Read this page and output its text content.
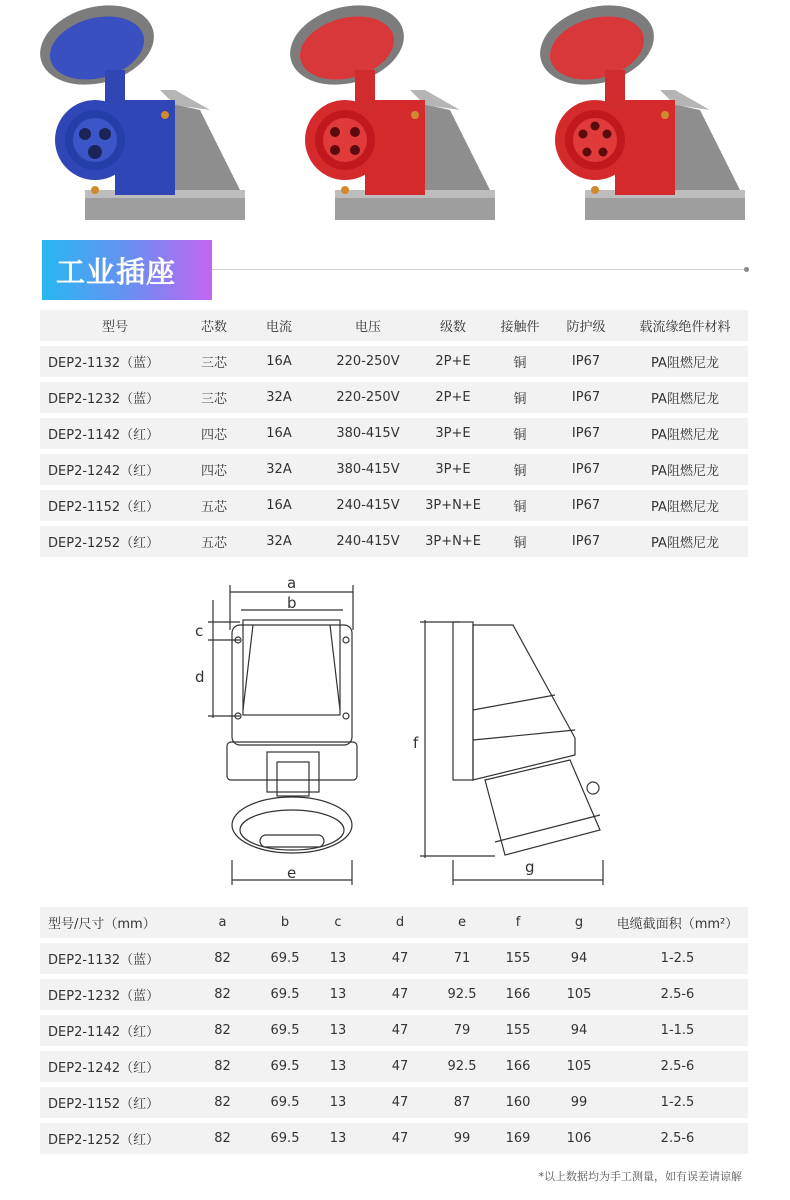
工业插座
型号	芯数	电流	电压	级数	接触件	防护级	载流缘绝件材料
DEP2-1132（蓝）	三芯	16A	220-250V	2P+E	铜	IP67	PA阻燃尼龙
DEP2-1232（蓝）	三芯	32A	220-250V	2P+E	铜	IP67	PA阻燃尼龙
DEP2-1142（红）	四芯	16A	380-415V	3P+E	铜	IP67	PA阻燃尼龙
DEP2-1242（红）	四芯	32A	380-415V	3P+E	铜	IP67	PA阻燃尼龙
DEP2-1152（红）	五芯	16A	240-415V	3P+N+E	铜	IP67	PA阻燃尼龙
DEP2-1252（红）	五芯	32A	240-415V	3P+N+E	铜	IP67	PA阻燃尼龙
a
b
c
d
e
f
g
型号/尺寸（mm）	a	b	c	d	e	f	g	电缆截面积（mm²）
DEP2-1132（蓝）	82	69.5	13	47	71	155	94	1-2.5
DEP2-1232（蓝）	82	69.5	13	47	92.5	166	105	2.5-6
DEP2-1142（红）	82	69.5	13	47	79	155	94	1-1.5
DEP2-1242（红）	82	69.5	13	47	92.5	166	105	2.5-6
DEP2-1152（红）	82	69.5	13	47	87	160	99	1-2.5
DEP2-1252（红）	82	69.5	13	47	99	169	106	2.5-6
*以上数据均为手工测量，如有误差请谅解
